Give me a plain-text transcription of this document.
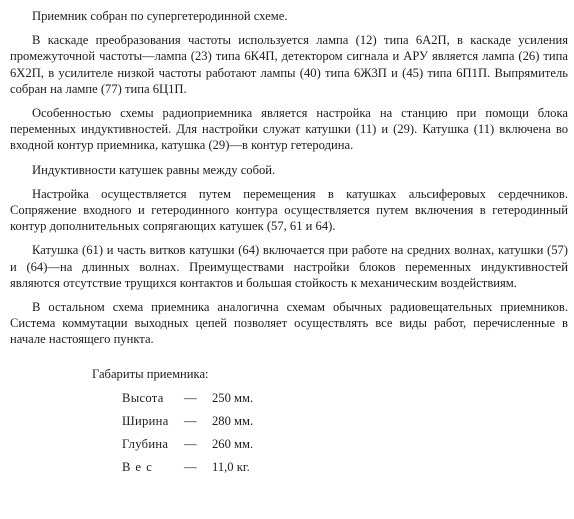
Приемник собран по супергетеродинной схеме.

В каскаде преобразования частоты используется лампа (12) типа 6А2П, в каскаде усиления промежуточной частоты—лампа (23) типа 6К4П, детектором сигнала и АРУ является лампа (26) типа 6Х2П, в усилителе низкой частоты работают лампы (40) типа 6Ж3П и (45) типа 6П1П. Выпрямитель собран на лампе (77) типа 6Ц1П.

Особенностью схемы радиоприемника является настройка на станцию при помощи блока переменных индуктивностей. Для настройки служат катушки (11) и (29). Катушка (11) включена во входной контур приемника, катушка (29)—в контур гетеродина.

Индуктивности катушек равны между собой.

Настройка осуществляется путем перемещения в катушках альсиферовых сердечников. Сопряжение входного и гетеродинного контура осуществляется путем включения в гетеродинный контур дополнительных сопрягающих катушек (57, 61 и 64).

Катушка (61) и часть витков катушки (64) включается при работе на средних волнах, катушки (57) и (64)—на длинных волнах. Преимуществами настройки блоков переменных индуктивностей являются отсутствие трущихся контактов и большая стойкость к механическим воздействиям.

В остальном схема приемника аналогична схемам обычных радиовещательных приемников. Система коммутации выходных цепей позволяет осуществлять все виды работ, перечисленные в начале настоящего пункта.

Габариты приемника:

Высота	—	250 мм.
Ширина	—	280 мм.
Глубина	—	260 мм.
Вес	—	11,0 кг.
